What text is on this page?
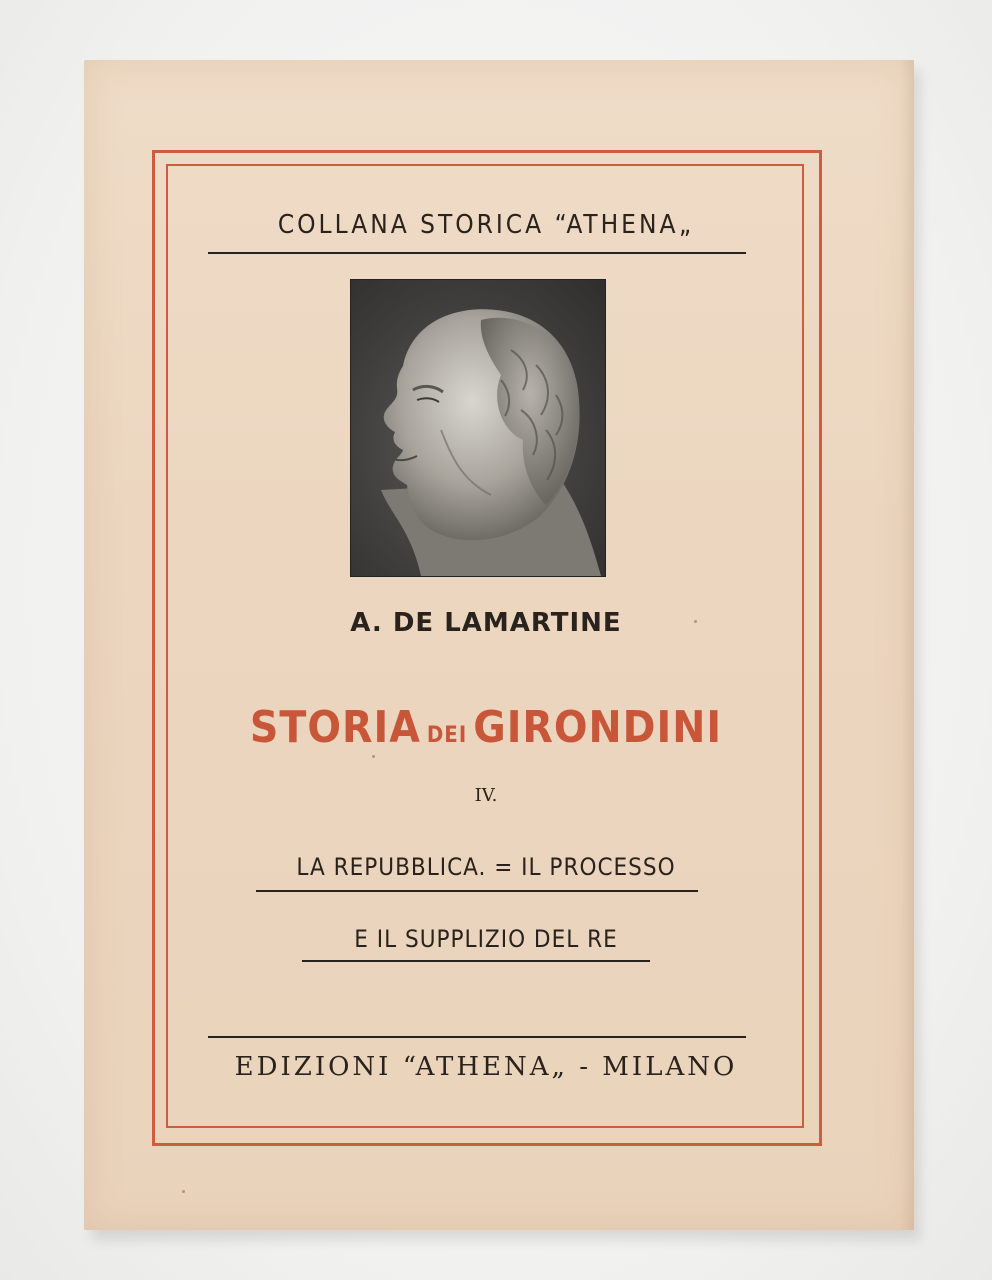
COLLANA STORICA “ATHENA„
A. DE LAMARTINE
STORIA DEI GIRONDINI
IV.
LA REPUBBLICA. = IL PROCESSO
E IL SUPPLIZIO DEL RE
EDIZIONI “ATHENA„ - MILANO
